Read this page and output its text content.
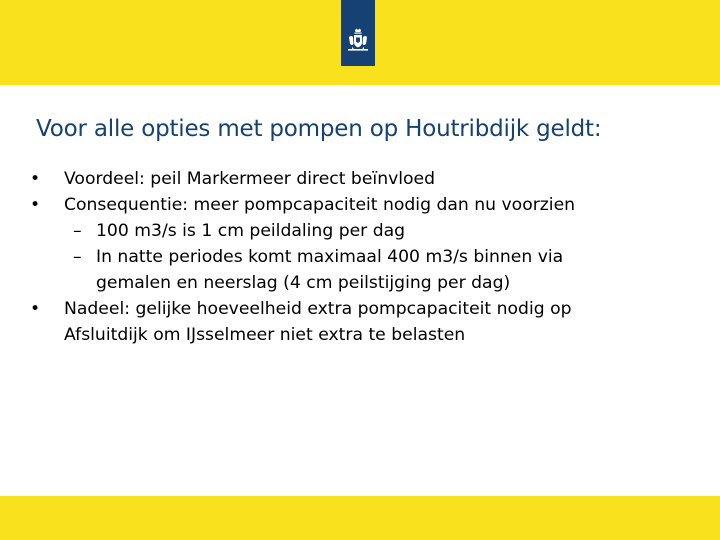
Voor alle opties met pompen op Houtribdijk geldt:
•	Voordeel: peil Markermeer direct beïnvloed
•	Consequentie: meer pompcapaciteit nodig dan nu voorzien
– 100 m3/s is 1 cm peildaling per dag
– In natte periodes komt maximaal 400 m3/s binnen via
gemalen en neerslag (4 cm peilstijging per dag)
•	Nadeel: gelijke hoeveelheid extra pompcapaciteit nodig op
Afsluitdijk om IJsselmeer niet extra te belasten
